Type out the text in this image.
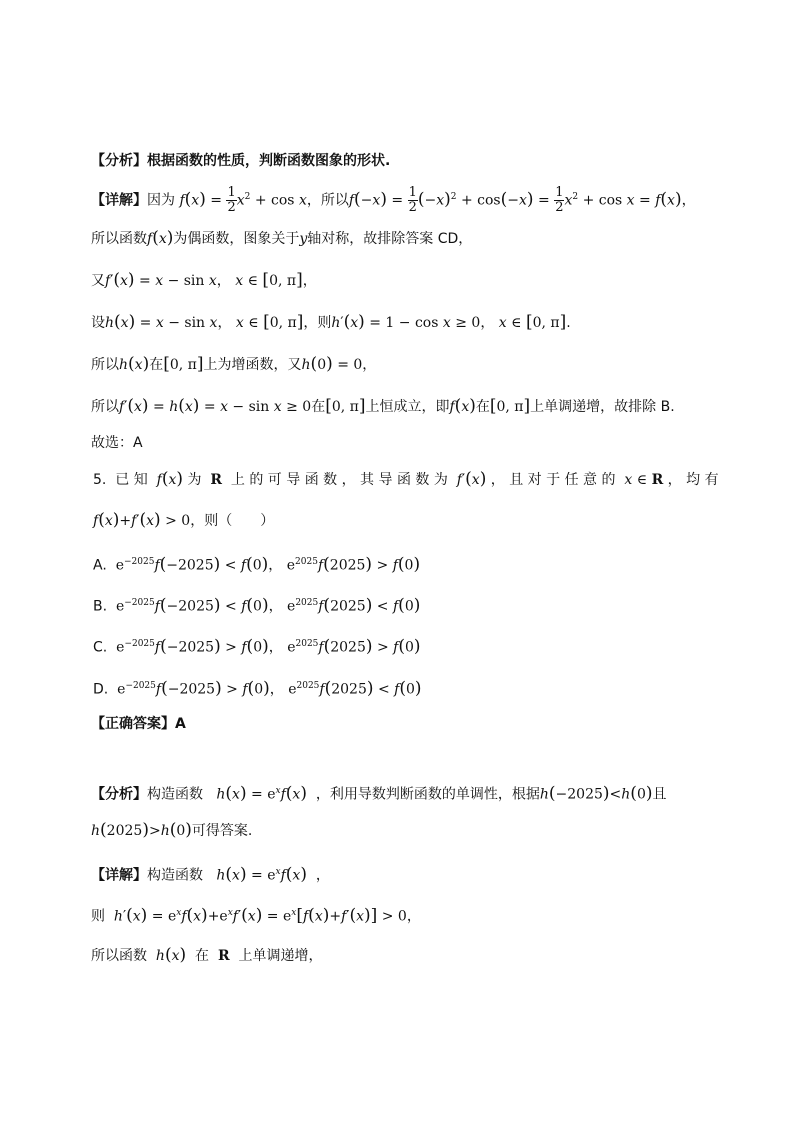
【分析】根据函数的性质，判断函数图象的形状.
【详解】因为 $f(x) = \frac{1}{2} x^2 + \cos x$，所以$f(-x) = \frac{1}{2} (-x)^2 + \cos(-x) = \frac{1}{2} x^2 + \cos x = f(x)$，
所以函数f(x)为偶函数，图象关于y轴对称，故排除答案 CD，
又f′(x) = x − sin x， x ∈ [0, π]，
设h(x) = x − sin x， x ∈ [0, π]，则h′(x) = 1 − cos x ≥ 0， x ∈ [0, π].
所以h(x)在[0, π]上为增函数，又h(0) = 0，
所以f′(x) = h(x) = x − sin x ≥ 0在[0, π]上恒成立，即f(x)在[0, π]上单调递增，故排除 B.
故选：A
5. 已 知 f(x) 为 R 上 的 可 导 函 数 ， 其 导 函 数 为 f′(x) ， 且 对 于 任 意 的 x ∈ R ， 均 有
f(x)+f′(x) > 0，则（　　）
A. $e^{-2025}f(-2025) < f(0)$， $e^{2025}f(2025) > f(0)$
B. $e^{-2025}f(-2025) < f(0)$， $e^{2025}f(2025) < f(0)$
C. $e^{-2025}f(-2025) > f(0)$， $e^{2025}f(2025) > f(0)$
D. $e^{-2025}f(-2025) > f(0)$， $e^{2025}f(2025) < f(0)$
【正确答案】A
【分析】构造函数 $h(x) = e^xf(x)$ ，利用导数判断函数的单调性，根据h(−2025)<h(0)且
h(2025)>h(0)可得答案.
【详解】构造函数 $h(x) = e^xf(x)$  ，
则 $h'(x) = e^xf(x)+e^xf'(x) = e^x[f(x)+f'(x)] > 0$，
所以函数 h(x) 在 R 上单调递增，
